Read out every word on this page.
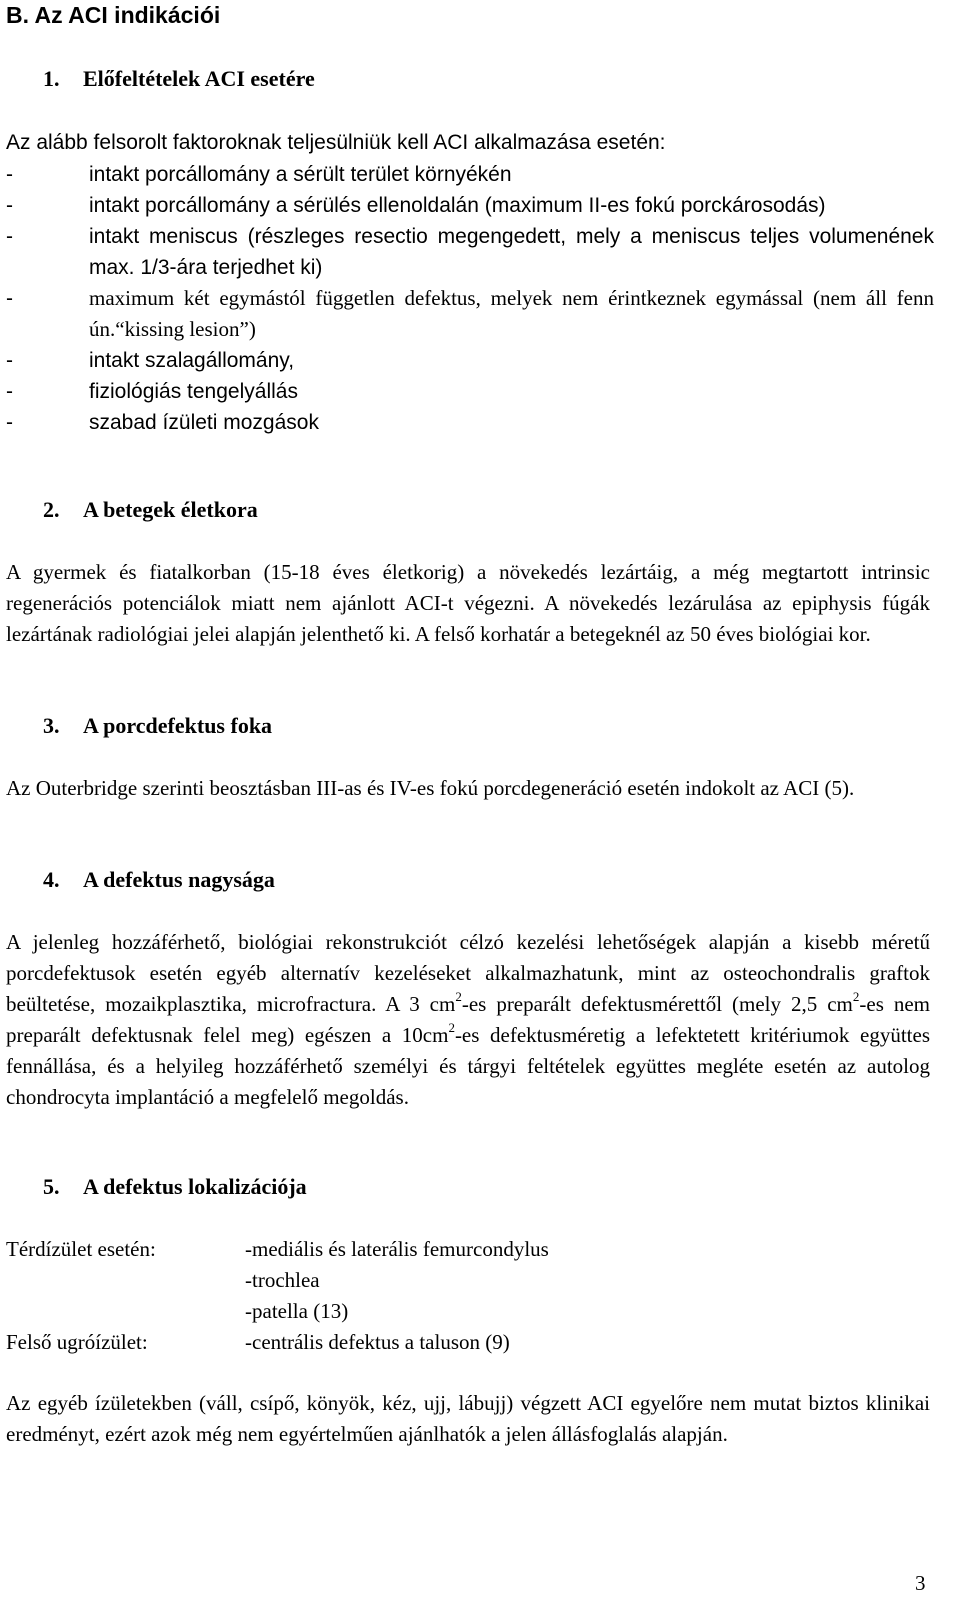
B. Az ACI indikációi
1. Előfeltételek ACI esetére
Az alább felsorolt faktoroknak teljesülniük kell ACI alkalmazása esetén:
-	intakt porcállomány a sérült terület környékén
-	intakt porcállomány a sérülés ellenoldalán (maximum II-es fokú porckárosodás)
-	intakt meniscus (részleges resectio megengedett, mely a meniscus teljes volumenének max. 1/3-ára terjedhet ki)
-	maximum két egymástól független defektus, melyek nem érintkeznek egymással (nem áll fenn ún.“kissing lesion”)
-	intakt szalagállomány,
-	fiziológiás tengelyállás
-	szabad ízületi mozgások
2. A betegek életkora

A gyermek és fiatalkorban (15-18 éves életkorig) a növekedés lezártáig, a még megtartott intrinsic regenerációs potenciálok miatt nem ajánlott ACI-t végezni. A növekedés lezárulása az epiphysis fúgák lezártának radiológiai jelei alapján jelenthető ki. A felső korhatár a betegeknél az 50 éves biológiai kor.

3. A porcdefektus foka

Az Outerbridge szerinti beosztásban III-as és IV-es fokú porcdegeneráció esetén indokolt az ACI (5).

4. A defektus nagysága

A jelenleg hozzáférhető, biológiai rekonstrukciót célzó kezelési lehetőségek alapján a kisebb méretű porcdefektusok esetén egyéb alternatív kezeléseket alkalmazhatunk, mint az osteochondralis graftok beültetése, mozaikplasztika, microfractura. A 3 $cm^2-es$ preparált defektusmérettől (mely 2,5 $cm^2-es$ nem preparált defektusnak felel meg) egészen a $10cm^2-es$ defektusméretig a lefektetett kritériumok együttes fennállása, és a helyileg hozzáférhető személyi és tárgyi feltételek együttes megléte esetén az autolog chondrocyta implantáció a megfelelő megoldás.

5. A defektus lokalizációja
Térdízület esetén:	-mediális és laterális femurcondylus
-trochlea
-patella (13)
Felső ugróízület:	-centrális defektus a taluson (9)

Az egyéb ízületekben (váll, csípő, könyök, kéz, ujj, lábujj) végzett ACI egyelőre nem mutat biztos klinikai eredményt, ezért azok még nem egyértelműen ajánlhatók a jelen állásfoglalás alapján.

3
